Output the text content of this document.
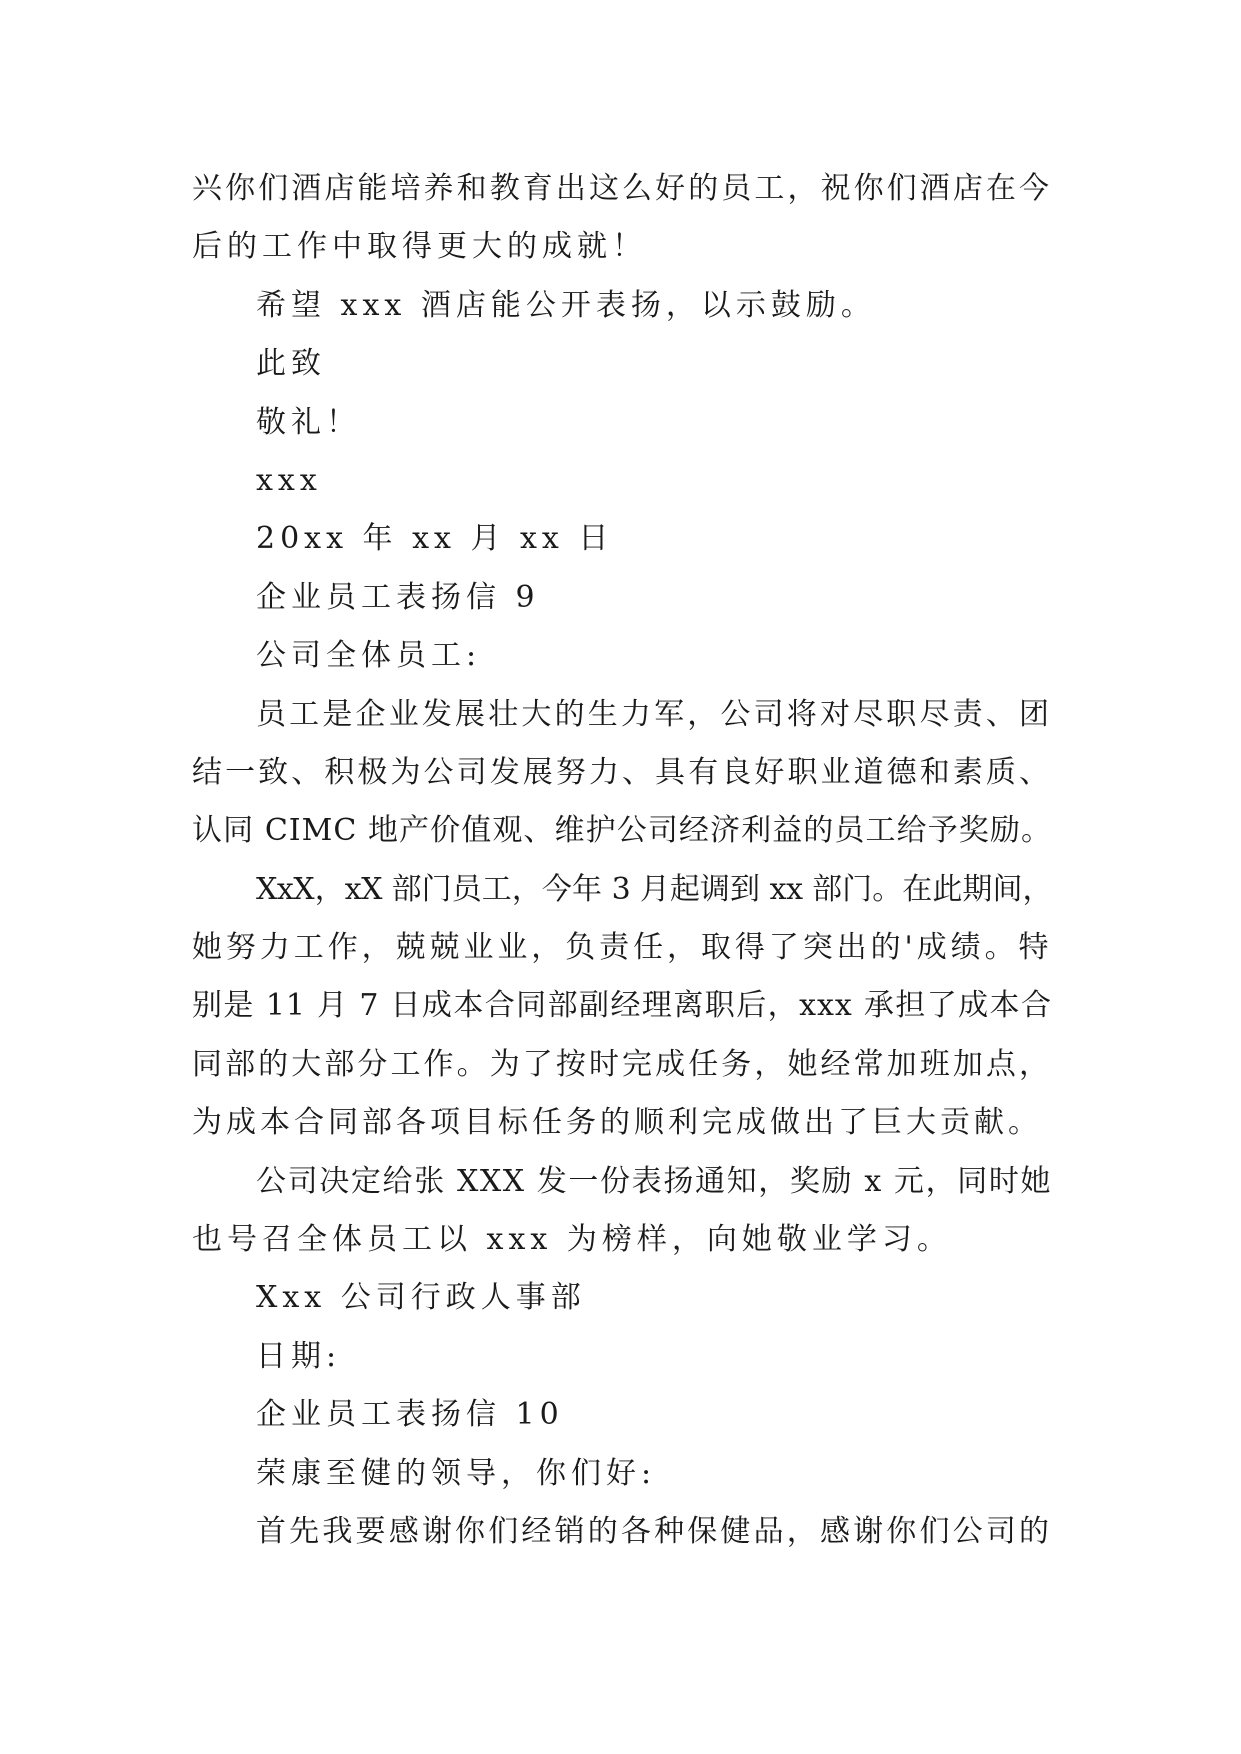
兴你们酒店能培养和教育出这么好的员工，祝你们酒店在今
后的工作中取得更大的成就！
希望 xxx 酒店能公开表扬，以示鼓励。
此致
敬礼！
xxx
20xx 年 xx 月 xx 日
企业员工表扬信 9
公司全体员工:
员工是企业发展壮大的生力军，公司将对尽职尽责、团
结一致、积极为公司发展努力、具有良好职业道德和素质、
认同 CIMC 地产价值观、维护公司经济利益的员工给予奖励。
XxX，xX 部门员工，今年 3 月起调到 xx 部门。在此期间，
她努力工作，兢兢业业，负责任，取得了突出的'成绩。特
别是 11 月 7 日成本合同部副经理离职后，xxx 承担了成本合
同部的大部分工作。为了按时完成任务，她经常加班加点，
为成本合同部各项目标任务的顺利完成做出了巨大贡献。
公司决定给张 XXX 发一份表扬通知，奖励 x 元，同时她
也号召全体员工以 xxx 为榜样，向她敬业学习。
Xxx 公司行政人事部
日期:
企业员工表扬信 10
荣康至健的领导，你们好:
首先我要感谢你们经销的各种保健品，感谢你们公司的
